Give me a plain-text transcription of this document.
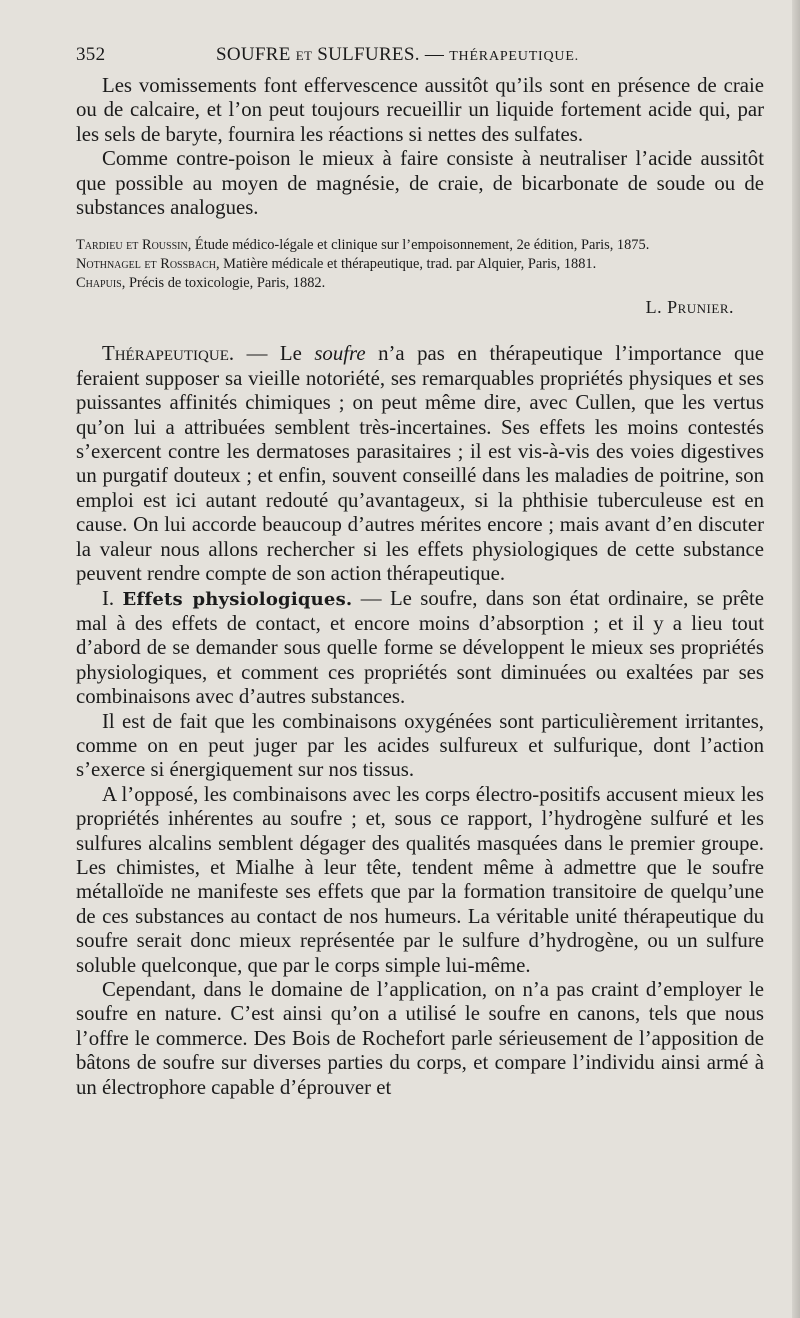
352	SOUFRE ET SULFURES. — THÉRAPEUTIQUE.

Les vomissements font effervescence aussitôt qu’ils sont en présence de craie ou de calcaire, et l’on peut toujours recueillir un liquide fortement acide qui, par les sels de baryte, fournira les réactions si nettes des sulfates.

Comme contre-poison le mieux à faire consiste à neutraliser l’acide aussitôt que possible au moyen de magnésie, de craie, de bicarbonate de soude ou de substances analogues.

Tardieu et Roussin, Étude médico-légale et clinique sur l’empoisonnement, 2e édition, Paris, 1875.

Nothnagel et Rossbach, Matière médicale et thérapeutique, trad. par Alquier, Paris, 1881.

Chapuis, Précis de toxicologie, Paris, 1882.

L. Prunier.

Thérapeutique. — Le soufre n’a pas en thérapeutique l’importance que feraient supposer sa vieille notoriété, ses remarquables propriétés physiques et ses puissantes affinités chimiques ; on peut même dire, avec Cullen, que les vertus qu’on lui a attribuées semblent très-incertaines. Ses effets les moins contestés s’exercent contre les dermatoses parasitaires ; il est vis-à-vis des voies digestives un purgatif douteux ; et enfin, souvent conseillé dans les maladies de poitrine, son emploi est ici autant redouté qu’avantageux, si la phthisie tuberculeuse est en cause. On lui accorde beaucoup d’autres mérites encore ; mais avant d’en discuter la valeur nous allons rechercher si les effets physiologiques de cette substance peuvent rendre compte de son action thérapeutique.

I. Effets physiologiques. — Le soufre, dans son état ordinaire, se prête mal à des effets de contact, et encore moins d’absorption ; et il y a lieu tout d’abord de se demander sous quelle forme se développent le mieux ses propriétés physiologiques, et comment ces propriétés sont diminuées ou exaltées par ses combinaisons avec d’autres substances.

Il est de fait que les combinaisons oxygénées sont particulièrement irritantes, comme on en peut juger par les acides sulfureux et sulfurique, dont l’action s’exerce si énergiquement sur nos tissus.

A l’opposé, les combinaisons avec les corps électro-positifs accusent mieux les propriétés inhérentes au soufre ; et, sous ce rapport, l’hydrogène sulfuré et les sulfures alcalins semblent dégager des qualités masquées dans le premier groupe. Les chimistes, et Mialhe à leur tête, tendent même à admettre que le soufre métalloïde ne manifeste ses effets que par la formation transitoire de quelqu’une de ces substances au contact de nos humeurs. La véritable unité thérapeutique du soufre serait donc mieux représentée par le sulfure d’hydrogène, ou un sulfure soluble quelconque, que par le corps simple lui-même.

Cependant, dans le domaine de l’application, on n’a pas craint d’employer le soufre en nature. C’est ainsi qu’on a utilisé le soufre en canons, tels que nous l’offre le commerce. Des Bois de Rochefort parle sérieusement de l’apposition de bâtons de soufre sur diverses parties du corps, et compare l’individu ainsi armé à un électrophore capable d’éprouver et
